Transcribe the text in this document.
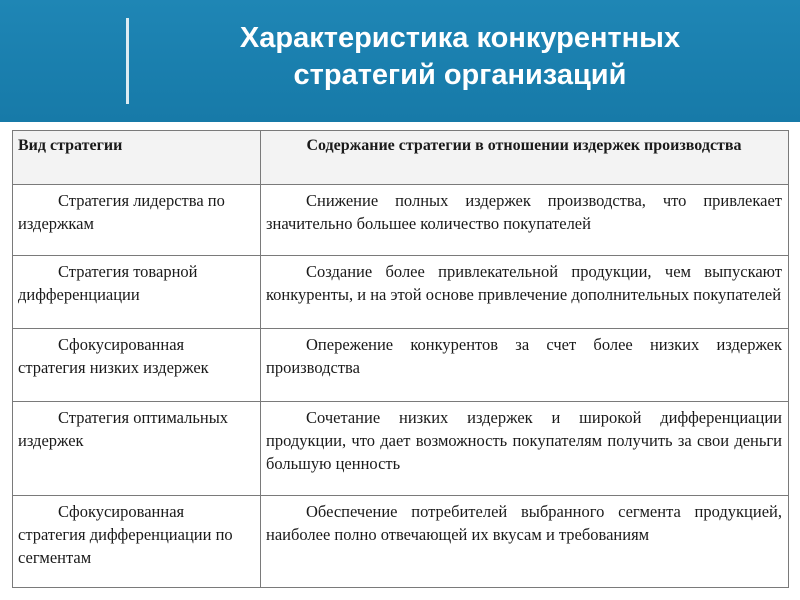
Характеристика конкурентных
стратегий организаций
Вид стратегии	Содержание стратегии в отношении издержек производства
Стратегия лидерства по издержкам	Снижение полных издержек производства, что привлекает значительно большее количество покупателей
Стратегия товарной дифференциации	Создание более привлекательной продукции, чем выпускают конкуренты, и на этой основе привлечение дополнительных покупателей
Сфокусированная стратегия низких издержек	Опережение конкурентов за счет более низких издержек производства
Стратегия оптимальных издержек	Сочетание низких издержек и широкой дифференциации продукции, что дает возможность покупателям получить за свои деньги большую ценность
Сфокусированная стратегия дифференциации по сегментам	Обеспечение потребителей выбранного сегмента продукцией, наиболее полно отвечающей их вкусам и требованиям
